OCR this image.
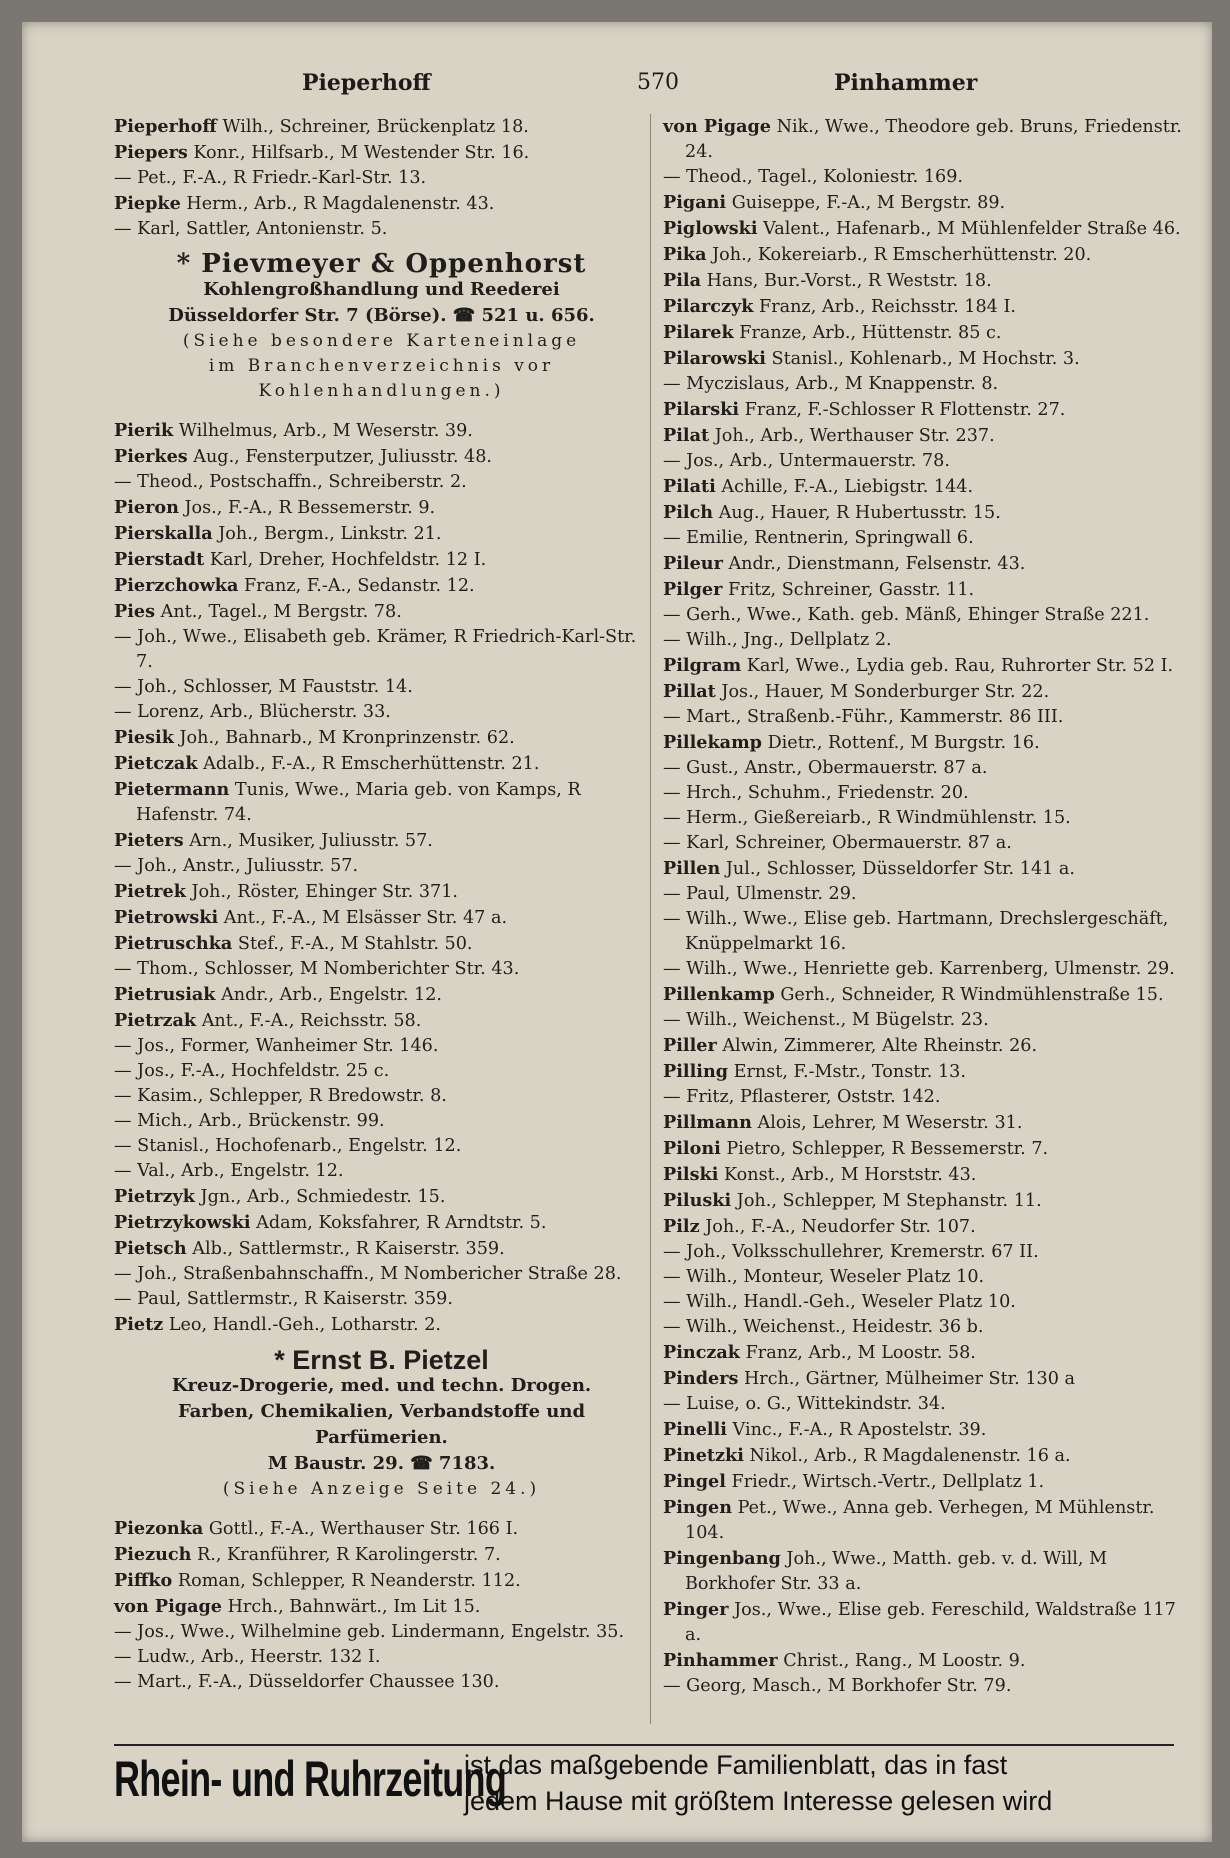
Pieperhoff	570	Pinhammer

Pieperhoff Wilh., Schreiner, Brückenplatz 18.

Piepers Konr., Hilfsarb., M Westender Str. 16.

— Pet., F.-A., R Friedr.-Karl-Str. 13.

Piepke Herm., Arb., R Magdalenenstr. 43.

— Karl, Sattler, Antonienstr. 5.

* Pievmeyer & Oppenhorst
Kohlengroßhandlung und Reederei
Düsseldorfer Str. 7 (Börse). ☎ 521 u. 656.
(Siehe besondere Karteneinlage
im Branchenverzeichnis vor
Kohlenhandlungen.)

Pierik Wilhelmus, Arb., M Weserstr. 39.

Pierkes Aug., Fensterputzer, Juliusstr. 48.

— Theod., Postschaffn., Schreiberstr. 2.

Pieron Jos., F.-A., R Bessemerstr. 9.

Pierskalla Joh., Bergm., Linkstr. 21.

Pierstadt Karl, Dreher, Hochfeldstr. 12 I.

Pierzchowka Franz, F.-A., Sedanstr. 12.

Pies Ant., Tagel., M Bergstr. 78.

— Joh., Wwe., Elisabeth geb. Krämer, R Friedrich-Karl-Str. 7.

— Joh., Schlosser, M Fauststr. 14.

— Lorenz, Arb., Blücherstr. 33.

Piesik Joh., Bahnarb., M Kronprinzenstr. 62.

Pietczak Adalb., F.-A., R Emscherhüttenstr. 21.

Pietermann Tunis, Wwe., Maria geb. von Kamps, R Hafenstr. 74.

Pieters Arn., Musiker, Juliusstr. 57.

— Joh., Anstr., Juliusstr. 57.

Pietrek Joh., Röster, Ehinger Str. 371.

Pietrowski Ant., F.-A., M Elsässer Str. 47 a.

Pietruschka Stef., F.-A., M Stahlstr. 50.

— Thom., Schlosser, M Nomberichter Str. 43.

Pietrusiak Andr., Arb., Engelstr. 12.

Pietrzak Ant., F.-A., Reichsstr. 58.

— Jos., Former, Wanheimer Str. 146.

— Jos., F.-A., Hochfeldstr. 25 c.

— Kasim., Schlepper, R Bredowstr. 8.

— Mich., Arb., Brückenstr. 99.

— Stanisl., Hochofenarb., Engelstr. 12.

— Val., Arb., Engelstr. 12.

Pietrzyk Jgn., Arb., Schmiedestr. 15.

Pietrzykowski Adam, Koksfahrer, R Arndtstr. 5.

Pietsch Alb., Sattlermstr., R Kaiserstr. 359.

— Joh., Straßenbahnschaffn., M Nombericher Straße 28.

— Paul, Sattlermstr., R Kaiserstr. 359.

Pietz Leo, Handl.-Geh., Lotharstr. 2.

* Ernst B. Pietzel
Kreuz-Drogerie, med. und techn. Drogen.
Farben, Chemikalien, Verbandstoffe und
Parfümerien.
M Baustr. 29. ☎ 7183.
(Siehe Anzeige Seite 24.)

Piezonka Gottl., F.-A., Werthauser Str. 166 I.

Piezuch R., Kranführer, R Karolingerstr. 7.

Piffko Roman, Schlepper, R Neanderstr. 112.

von Pigage Hrch., Bahnwärt., Im Lit 15.

— Jos., Wwe., Wilhelmine geb. Lindermann, Engelstr. 35.

— Ludw., Arb., Heerstr. 132 I.

— Mart., F.-A., Düsseldorfer Chaussee 130.

von Pigage Nik., Wwe., Theodore geb. Bruns, Friedenstr. 24.

— Theod., Tagel., Koloniestr. 169.

Pigani Guiseppe, F.-A., M Bergstr. 89.

Piglowski Valent., Hafenarb., M Mühlenfelder Straße 46.

Pika Joh., Kokereiarb., R Emscherhüttenstr. 20.

Pila Hans, Bur.-Vorst., R Weststr. 18.

Pilarczyk Franz, Arb., Reichsstr. 184 I.

Pilarek Franze, Arb., Hüttenstr. 85 c.

Pilarowski Stanisl., Kohlenarb., M Hochstr. 3.

— Myczislaus, Arb., M Knappenstr. 8.

Pilarski Franz, F.-Schlosser R Flottenstr. 27.

Pilat Joh., Arb., Werthauser Str. 237.

— Jos., Arb., Untermauerstr. 78.

Pilati Achille, F.-A., Liebigstr. 144.

Pilch Aug., Hauer, R Hubertusstr. 15.

— Emilie, Rentnerin, Springwall 6.

Pileur Andr., Dienstmann, Felsenstr. 43.

Pilger Fritz, Schreiner, Gasstr. 11.

— Gerh., Wwe., Kath. geb. Mänß, Ehinger Straße 221.

— Wilh., Jng., Dellplatz 2.

Pilgram Karl, Wwe., Lydia geb. Rau, Ruhrorter Str. 52 I.

Pillat Jos., Hauer, M Sonderburger Str. 22.

— Mart., Straßenb.-Führ., Kammerstr. 86 III.

Pillekamp Dietr., Rottenf., M Burgstr. 16.

— Gust., Anstr., Obermauerstr. 87 a.

— Hrch., Schuhm., Friedenstr. 20.

— Herm., Gießereiarb., R Windmühlenstr. 15.

— Karl, Schreiner, Obermauerstr. 87 a.

Pillen Jul., Schlosser, Düsseldorfer Str. 141 a.

— Paul, Ulmenstr. 29.

— Wilh., Wwe., Elise geb. Hartmann, Drechslergeschäft, Knüppelmarkt 16.

— Wilh., Wwe., Henriette geb. Karrenberg, Ulmenstr. 29.

Pillenkamp Gerh., Schneider, R Windmühlenstraße 15.

— Wilh., Weichenst., M Bügelstr. 23.

Piller Alwin, Zimmerer, Alte Rheinstr. 26.

Pilling Ernst, F.-Mstr., Tonstr. 13.

— Fritz, Pflasterer, Oststr. 142.

Pillmann Alois, Lehrer, M Weserstr. 31.

Piloni Pietro, Schlepper, R Bessemerstr. 7.

Pilski Konst., Arb., M Horststr. 43.

Piluski Joh., Schlepper, M Stephanstr. 11.

Pilz Joh., F.-A., Neudorfer Str. 107.

— Joh., Volksschullehrer, Kremerstr. 67 II.

— Wilh., Monteur, Weseler Platz 10.

— Wilh., Handl.-Geh., Weseler Platz 10.

— Wilh., Weichenst., Heidestr. 36 b.

Pinczak Franz, Arb., M Loostr. 58.

Pinders Hrch., Gärtner, Mülheimer Str. 130 a

— Luise, o. G., Wittekindstr. 34.

Pinelli Vinc., F.-A., R Apostelstr. 39.

Pinetzki Nikol., Arb., R Magdalenenstr. 16 a.

Pingel Friedr., Wirtsch.-Vertr., Dellplatz 1.

Pingen Pet., Wwe., Anna geb. Verhegen, M Mühlenstr. 104.

Pingenbang Joh., Wwe., Matth. geb. v. d. Will, M Borkhofer Str. 33 a.

Pinger Jos., Wwe., Elise geb. Fereschild, Waldstraße 117 a.

Pinhammer Christ., Rang., M Loostr. 9.

— Georg, Masch., M Borkhofer Str. 79.

Rhein- und Ruhrzeitung
ist das maßgebende Familienblatt, das in fast
jedem Hause mit größtem Interesse gelesen wird
